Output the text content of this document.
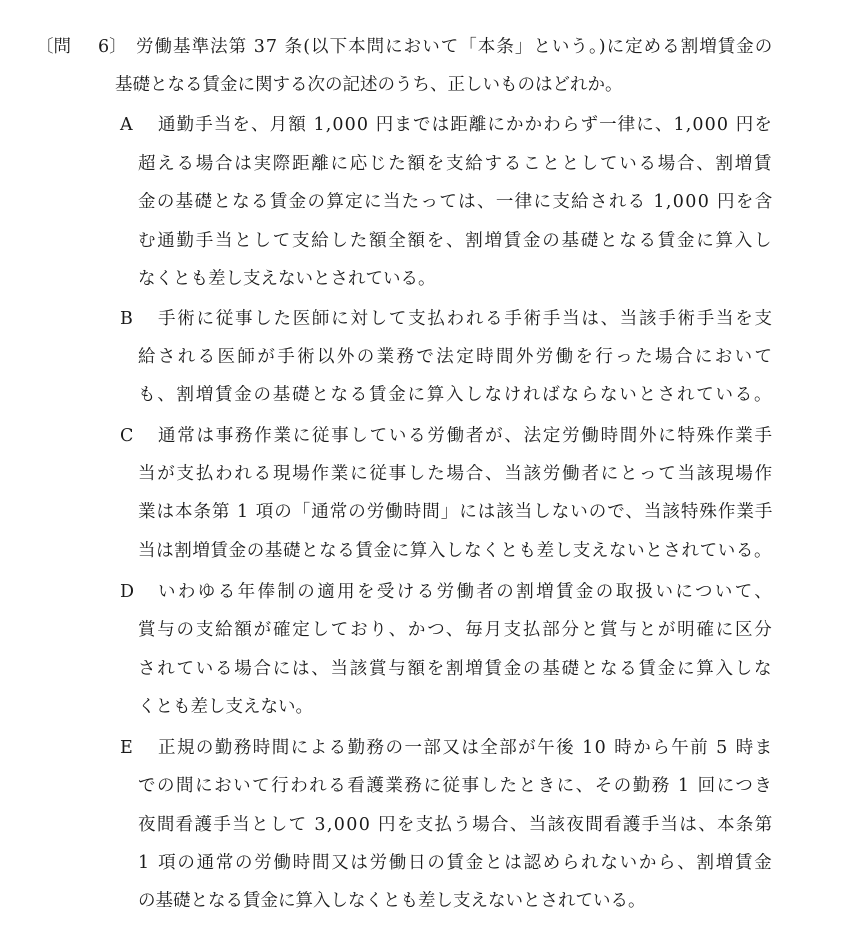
〔問 6〕 労働基準法第 37 条(以下本問において「本条」という。)に定める割増賃金の
基礎となる賃金に関する次の記述のうち、正しいものはどれか。
A 通勤手当を、月額 1,000 円までは距離にかかわらず一律に、1,000 円を
超える場合は実際距離に応じた額を支給することとしている場合、割増賃
金の基礎となる賃金の算定に当たっては、一律に支給される 1,000 円を含
む通勤手当として支給した額全額を、割増賃金の基礎となる賃金に算入し
なくとも差し支えないとされている。
B 手術に従事した医師に対して支払われる手術手当は、当該手術手当を支
給される医師が手術以外の業務で法定時間外労働を行った場合において
も、割増賃金の基礎となる賃金に算入しなければならないとされている。
C 通常は事務作業に従事している労働者が、法定労働時間外に特殊作業手
当が支払われる現場作業に従事した場合、当該労働者にとって当該現場作
業は本条第 1 項の「通常の労働時間」には該当しないので、当該特殊作業手
当は割増賃金の基礎となる賃金に算入しなくとも差し支えないとされている。
D いわゆる年俸制の適用を受ける労働者の割増賃金の取扱いについて、
賞与の支給額が確定しており、かつ、毎月支払部分と賞与とが明確に区分
されている場合には、当該賞与額を割増賃金の基礎となる賃金に算入しな
くとも差し支えない。
E 正規の勤務時間による勤務の一部又は全部が午後 10 時から午前 5 時ま
での間において行われる看護業務に従事したときに、その勤務 1 回につき
夜間看護手当として 3,000 円を支払う場合、当該夜間看護手当は、本条第
1 項の通常の労働時間又は労働日の賃金とは認められないから、割増賃金
の基礎となる賃金に算入しなくとも差し支えないとされている。
